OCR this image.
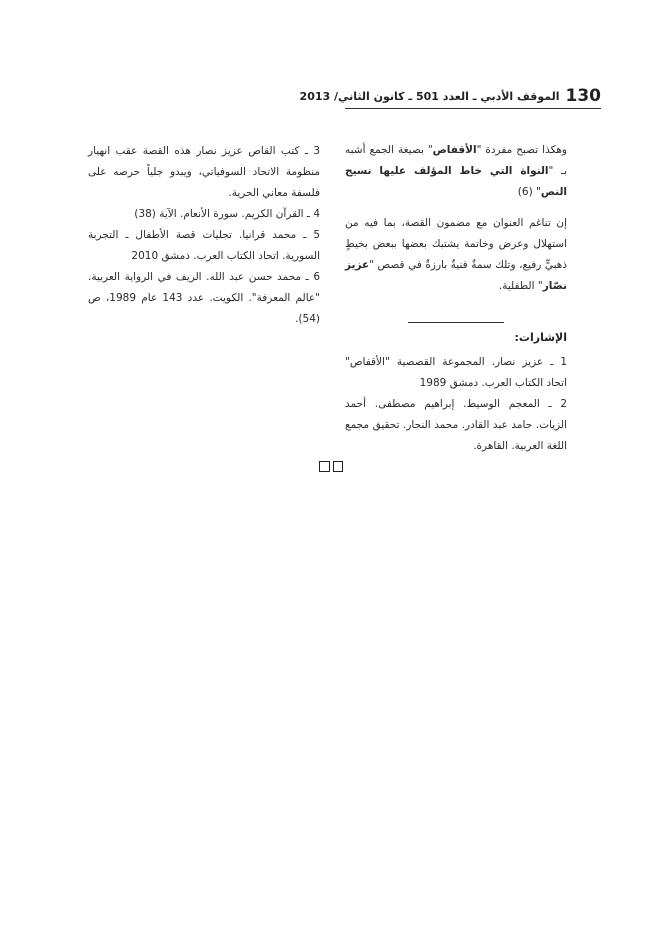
الموقف الأدبي ـ العدد 501 ـ كانون الثاني/ 2013 130

وهكذا تصبح مفردة "الأقفاص" بصيغة الجمع أشبه بـ "النواة التي خاط المؤلف عليها نسيج النص" (6)

إن تناغم العنوان مع مضمون القصة، بما فيه من استهلال وعرض وخاتمة يشتبك بعضها ببعض بخيطٍ ذهبيٍّ رفيع، وتلك سمةٌ فنيةٌ بارزةٌ في قصص "عزيز نصّار" الطفلية.

الإشارات:

1 ـ عزيز نصار. المجموعة القصصية "الأقفاص" اتحاد الكتاب العرب. دمشق 1989

2 ـ المعجم الوسيط. إبراهيم مصطفى. أحمد الزيات. حامد عبد القادر. محمد النجار. تحقيق مجمع اللغة العربية. القاهرة.

3 ـ كتب القاص عزيز نصار هذه القصة عقب انهيار منظومة الاتحاد السوفياتي، ويبدو جلياً حرصه على فلسفة معاني الحرية.

4 ـ القرآن الكريم. سورة الأنعام. الآية (38)

5 ـ محمد قرانيا. تجليات قصة الأطفال ـ التجربة السورية. اتحاد الكتاب العرب. دمشق 2010

6 ـ محمد حسن عبد الله. الريف في الرواية العربية. "عالم المعرفة". الكويت. عدد 143 عام 1989، ص (54).
